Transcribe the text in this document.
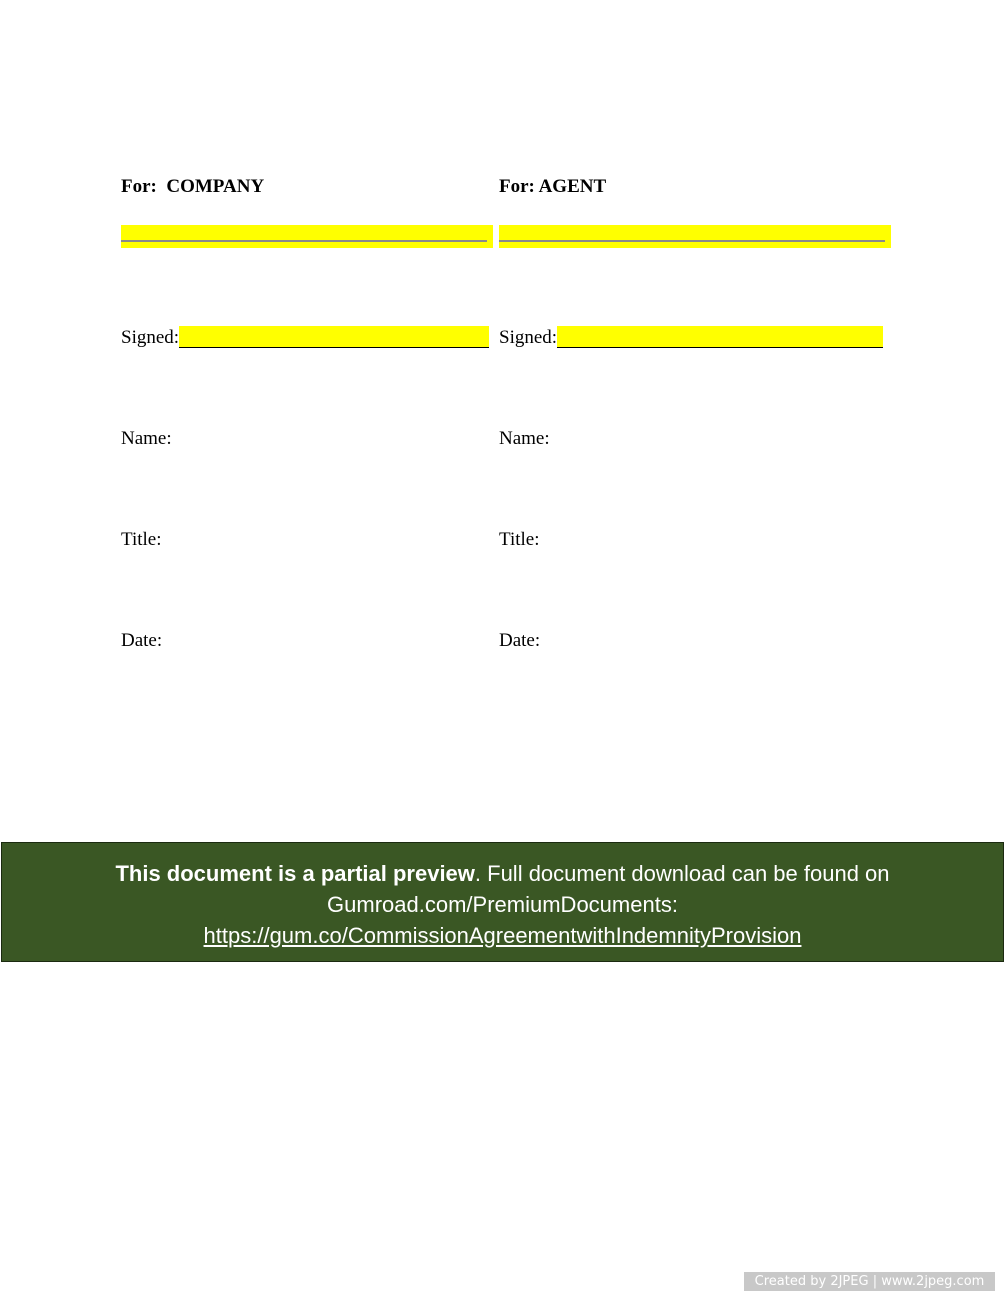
For:  COMPANY
Signed:
Name:
Title:
Date:
For: AGENT
Signed:
Name:
Title:
Date:
This document is a partial preview. Full document download can be found on
Gumroad.com/PremiumDocuments:
https://gum.co/CommissionAgreementwithIndemnityProvision
Created by 2JPEG | www.2jpeg.com
